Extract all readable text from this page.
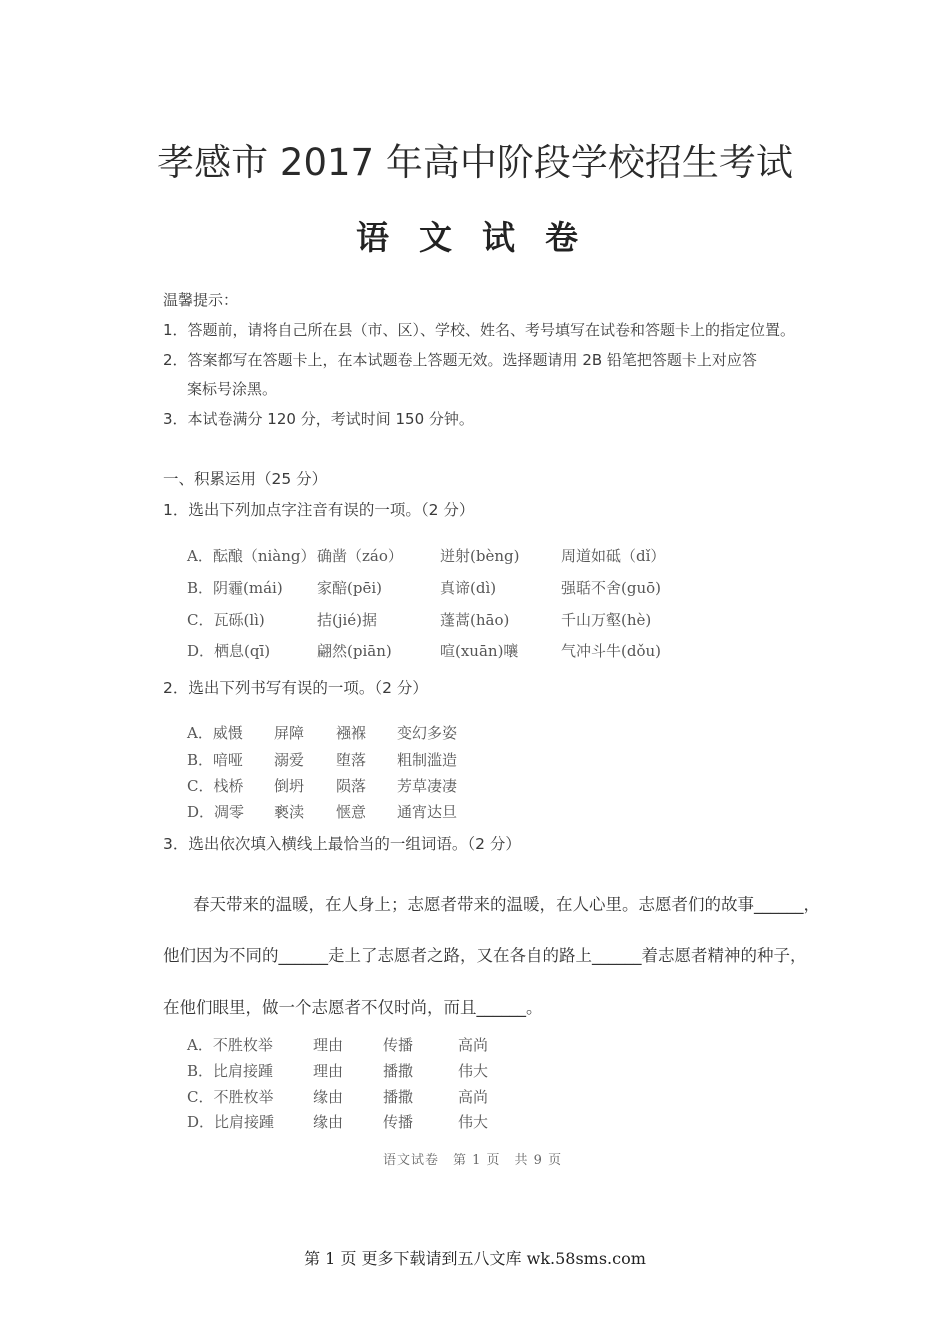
孝感市 2017 年高中阶段学校招生考试
语文试卷
温馨提示：
1．答题前，请将自己所在县（市、区）、学校、姓名、考号填写在试卷和答题卡上的指定位置。
2．答案都写在答题卡上，在本试题卷上答题无效。选择题请用 2B 铅笔把答题卡上对应答
案标号涂黑。
3．本试卷满分 120 分，考试时间 150 分钟。
一、积累运用（25 分）
1．选出下列加点字注音有误的一项。（2 分）
A．酝酿（niàng） 确凿（záo） 迸射(bèng)	周道如砥（dǐ）
B．阴霾(mái) 家醅(pēi)	真谛(dì)	强聒不舍(guō)
C．瓦砾(lì)	拮(jié)据	蓬蒿(hāo)	千山万壑(hè)
D．栖息(qī)	翩然(piān)	喧(xuān)嚷	气冲斗牛(dǒu)
2．选出下列书写有误的一项。（2 分）
A．威慑 屏障 襁褓 变幻多姿
B．喑哑 溺爱 堕落 粗制滥造
C．栈桥 倒坍 陨落 芳草凄凄
D．凋零 褻渎 惬意 通宵达旦
3．选出依次填入横线上最恰当的一组词语。（2 分）
春天带来的温暖，在人身上；志愿者带来的温暖，在人心里。志愿者们的故事______，
他们因为不同的______走上了志愿者之路，又在各自的路上______着志愿者精神的种子，
在他们眼里，做一个志愿者不仅时尚，而且______。
A．不胜枚举	理由	传播	高尚
B．比肩接踵	理由	播撒	伟大
C．不胜枚举	缘由	播撒	高尚
D．比肩接踵	缘由	传播	伟大
语文试卷　第 1 页　共 9 页
第 1 页 更多下载请到五八文库 wk.58sms.com
